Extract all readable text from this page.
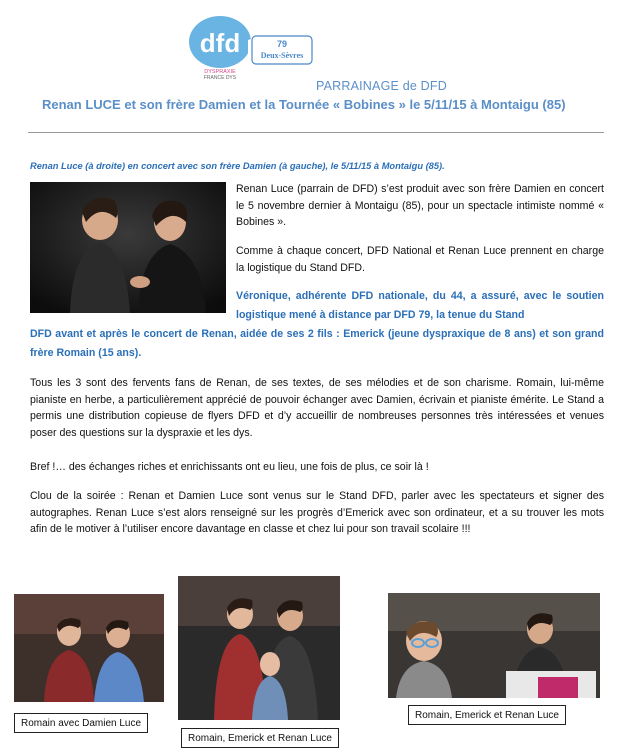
dfd
DYSPRAXIE
FRANCE DYS
79
Deux-Sèvres
PARRAINAGE de DFD
Renan LUCE et son frère Damien et la Tournée « Bobines » le 5/11/15 à Montaigu (85)
Renan Luce (à droite) en concert avec son frère Damien (à gauche), le 5/11/15 à Montaigu (85).
Renan Luce (parrain de DFD) s’est produit avec son frère Damien en concert le 5 novembre dernier à Montaigu (85), pour un spectacle intimiste nommé « Bobines ».
Comme à chaque concert, DFD National et Renan Luce prennent en charge la logistique du Stand DFD.
Véronique, adhérente DFD nationale, du 44, a assuré, avec le soutien logistique mené à distance par DFD 79, la tenue du Stand
DFD avant et après le concert de Renan, aidée de ses 2 fils : Emerick (jeune dyspraxique de 8 ans) et son grand frère Romain (15 ans).
Tous les 3 sont des fervents fans de Renan, de ses textes, de ses mélodies et de son charisme. Romain, lui-même pianiste en herbe, a particulièrement apprécié de pouvoir échanger avec Damien, écrivain et pianiste émérite. Le Stand a permis une distribution copieuse de flyers DFD et d’y accueillir de nombreuses personnes très intéressées et venues poser des questions sur la dyspraxie et les dys.
Bref !… des échanges riches et enrichissants ont eu lieu, une fois de plus, ce soir là !
Clou de la soirée : Renan et Damien Luce sont venus sur le Stand DFD, parler avec les spectateurs et signer des autographes. Renan Luce s’est alors renseigné sur les progrès d’Emerick avec son ordinateur, et a su trouver les mots afin de le motiver à l’utiliser encore davantage en classe et chez lui pour son travail scolaire !!!
Romain avec Damien Luce
Romain, Emerick et Renan Luce
Romain, Emerick et Renan Luce
